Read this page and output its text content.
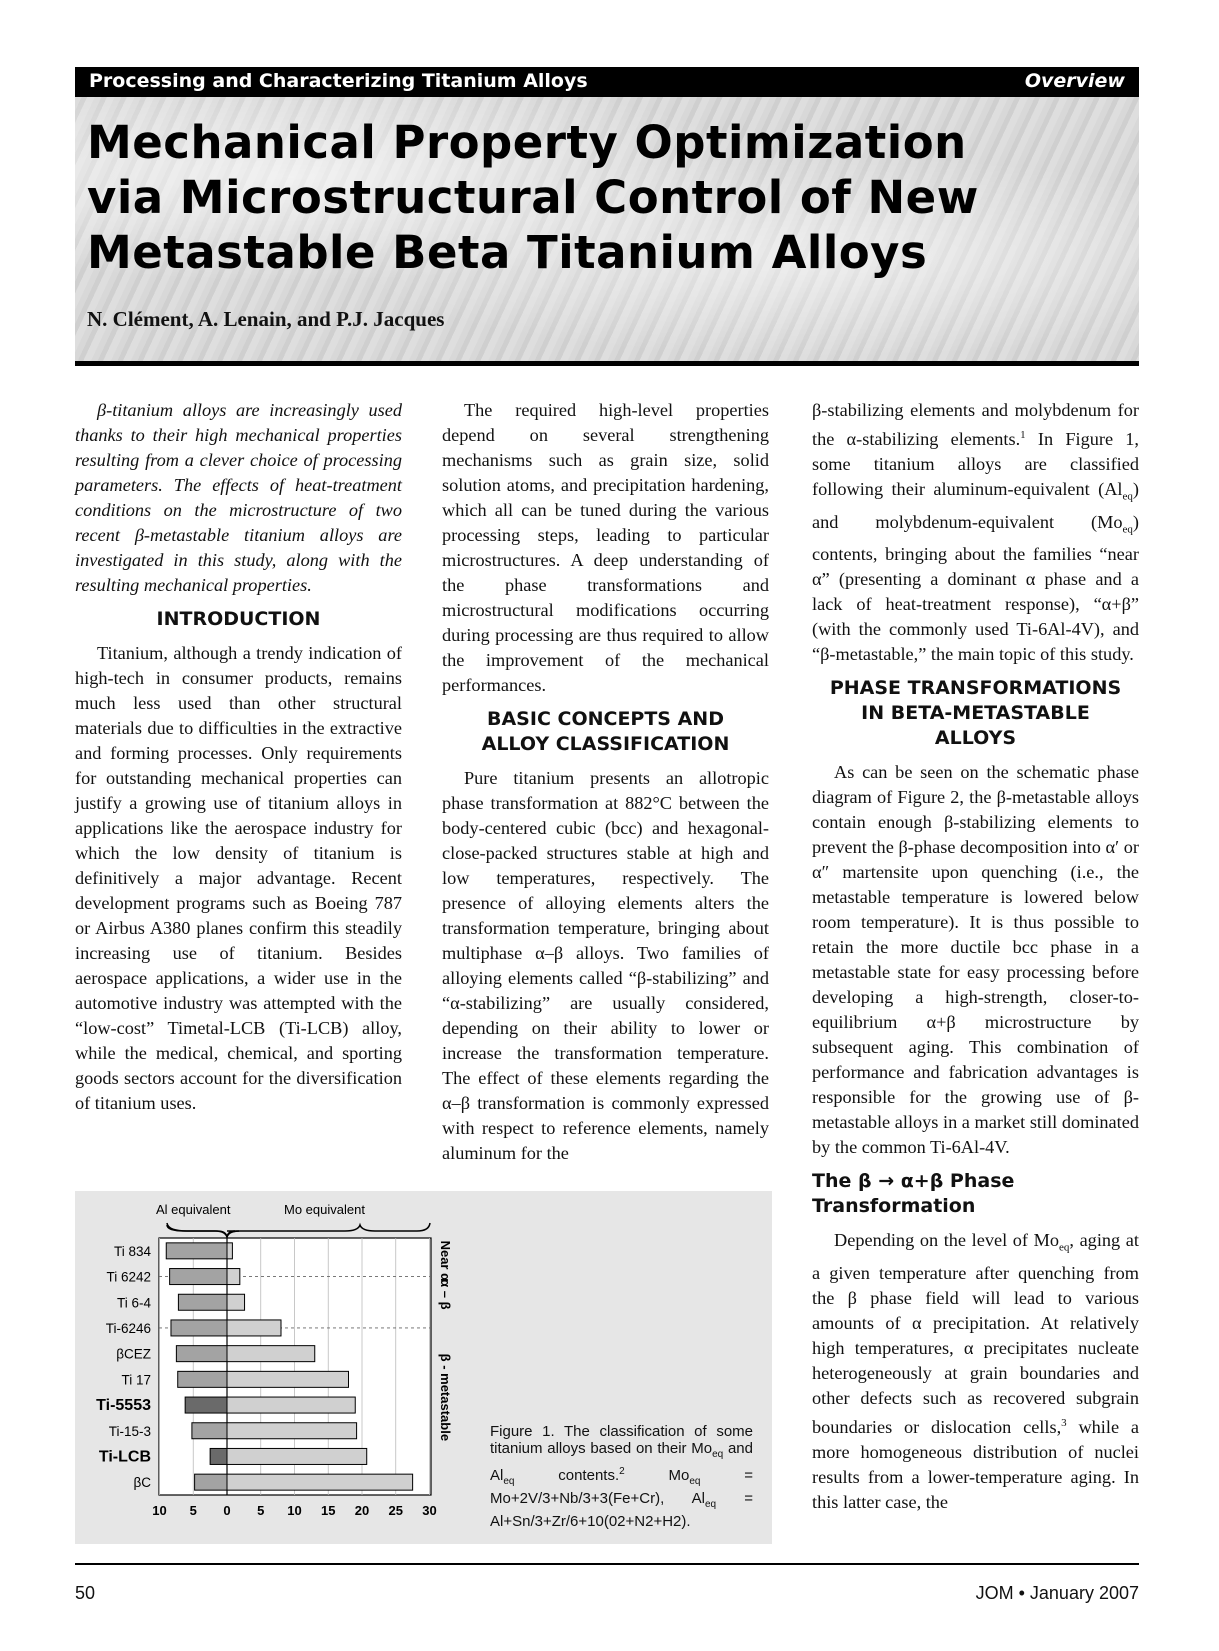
Processing and Characterizing Titanium Alloys	Overview
Mechanical Property Optimization
via Microstructural Control of New
Metastable Beta Titanium Alloys
N. Clément, A. Lenain, and P.J. Jacques

β-titanium alloys are increasingly used thanks to their high mechanical properties resulting from a clever choice of processing parameters. The effects of heat-treatment conditions on the microstructure of two recent β-metastable titanium alloys are investigated in this study, along with the resulting mechanical properties.

INTRODUCTION

Titanium, although a trendy indication of high-tech in consumer products, remains much less used than other structural materials due to difficulties in the extractive and forming processes. Only requirements for outstanding mechanical properties can justify a growing use of titanium alloys in applications like the aerospace industry for which the low density of titanium is definitively a major advantage. Recent development programs such as Boeing 787 or Airbus A380 planes confirm this steadily increasing use of titanium. Besides aerospace applications, a wider use in the automotive industry was attempted with the “low-cost” Timetal-LCB (Ti-LCB) alloy, while the medical, chemical, and sporting goods sectors account for the diversification of titanium uses.

The required high-level properties depend on several strengthening mechanisms such as grain size, solid solution atoms, and precipitation hardening, which all can be tuned during the various processing steps, leading to particular microstructures. A deep understanding of the phase transformations and microstructural modifications occurring during processing are thus required to allow the improvement of the mechanical performances.

BASIC CONCEPTS AND
ALLOY CLASSIFICATION

Pure titanium presents an allotropic phase transformation at 882°C between the body-centered cubic (bcc) and hexagonal-close-packed structures stable at high and low temperatures, respectively. The presence of alloying elements alters the transformation temperature, bringing about multiphase α–β alloys. Two families of alloying elements called “β-stabilizing” and “α-stabilizing” are usually considered, depending on their ability to lower or increase the transformation temperature. The effect of these elements regarding the α–β transformation is commonly expressed with respect to reference elements, namely aluminum for the

β-stabilizing elements and molybdenum for the α-stabilizing elements.$^1$ In Figure 1, some titanium alloys are classified following their aluminum-equivalent $(Al_{eq})$ and molybdenum-equivalent $(Mo_{eq})$ contents, bringing about the families “near α” (presenting a dominant α phase and a lack of heat-treatment response), “α+β” (with the commonly used Ti-6Al-4V), and “β-metastable,” the main topic of this study.

PHASE TRANSFORMATIONS
IN BETA-METASTABLE
ALLOYS

As can be seen on the schematic phase diagram of Figure 2, the β-metastable alloys contain enough β-stabilizing elements to prevent the β-phase decomposition into α′ or α″ martensite upon quenching (i.e., the metastable temperature is lowered below room temperature). It is thus possible to retain the more ductile bcc phase in a metastable state for easy processing before developing a high-strength, closer-to-equilibrium α+β microstructure by subsequent aging. This combination of performance and fabrication advantages is responsible for the growing use of β-metastable alloys in a market still dominated by the common Ti-6Al-4V.

The β → α+β Phase
Transformation

Depending on the level of $Mo_{eq}$, aging at a given temperature after quenching from the β phase field will lead to various amounts of α precipitation. At relatively high temperatures, α precipitates nucleate heterogeneously at grain boundaries and other defects such as recovered subgrain boundaries or dislocation cells,$^3$ while a more homogeneous distribution of nuclei results from a lower-temperature aging. In this latter case, the

Al equivalent	Mo equivalent
Ti 834
Ti 6242
Ti 6-4
Ti-6246
βCEZ
Ti 17
Ti-5553
Ti-15-3
Ti-LCB
βC
10 5 0 5 10 15 20 25 30
Near α
α – β
β - metastable Figure 1. The classification of some titanium alloys based on their $Mo_{eq}$ and $Al_{eq}$ contents.$^2$ $Mo_{eq} = Mo+2V/3+Nb/3+3(Fe+Cr)$, $Al_{eq} = Al+Sn/3+Zr/6+10(02+N2+H2)$.
50	JOM • January 2007
